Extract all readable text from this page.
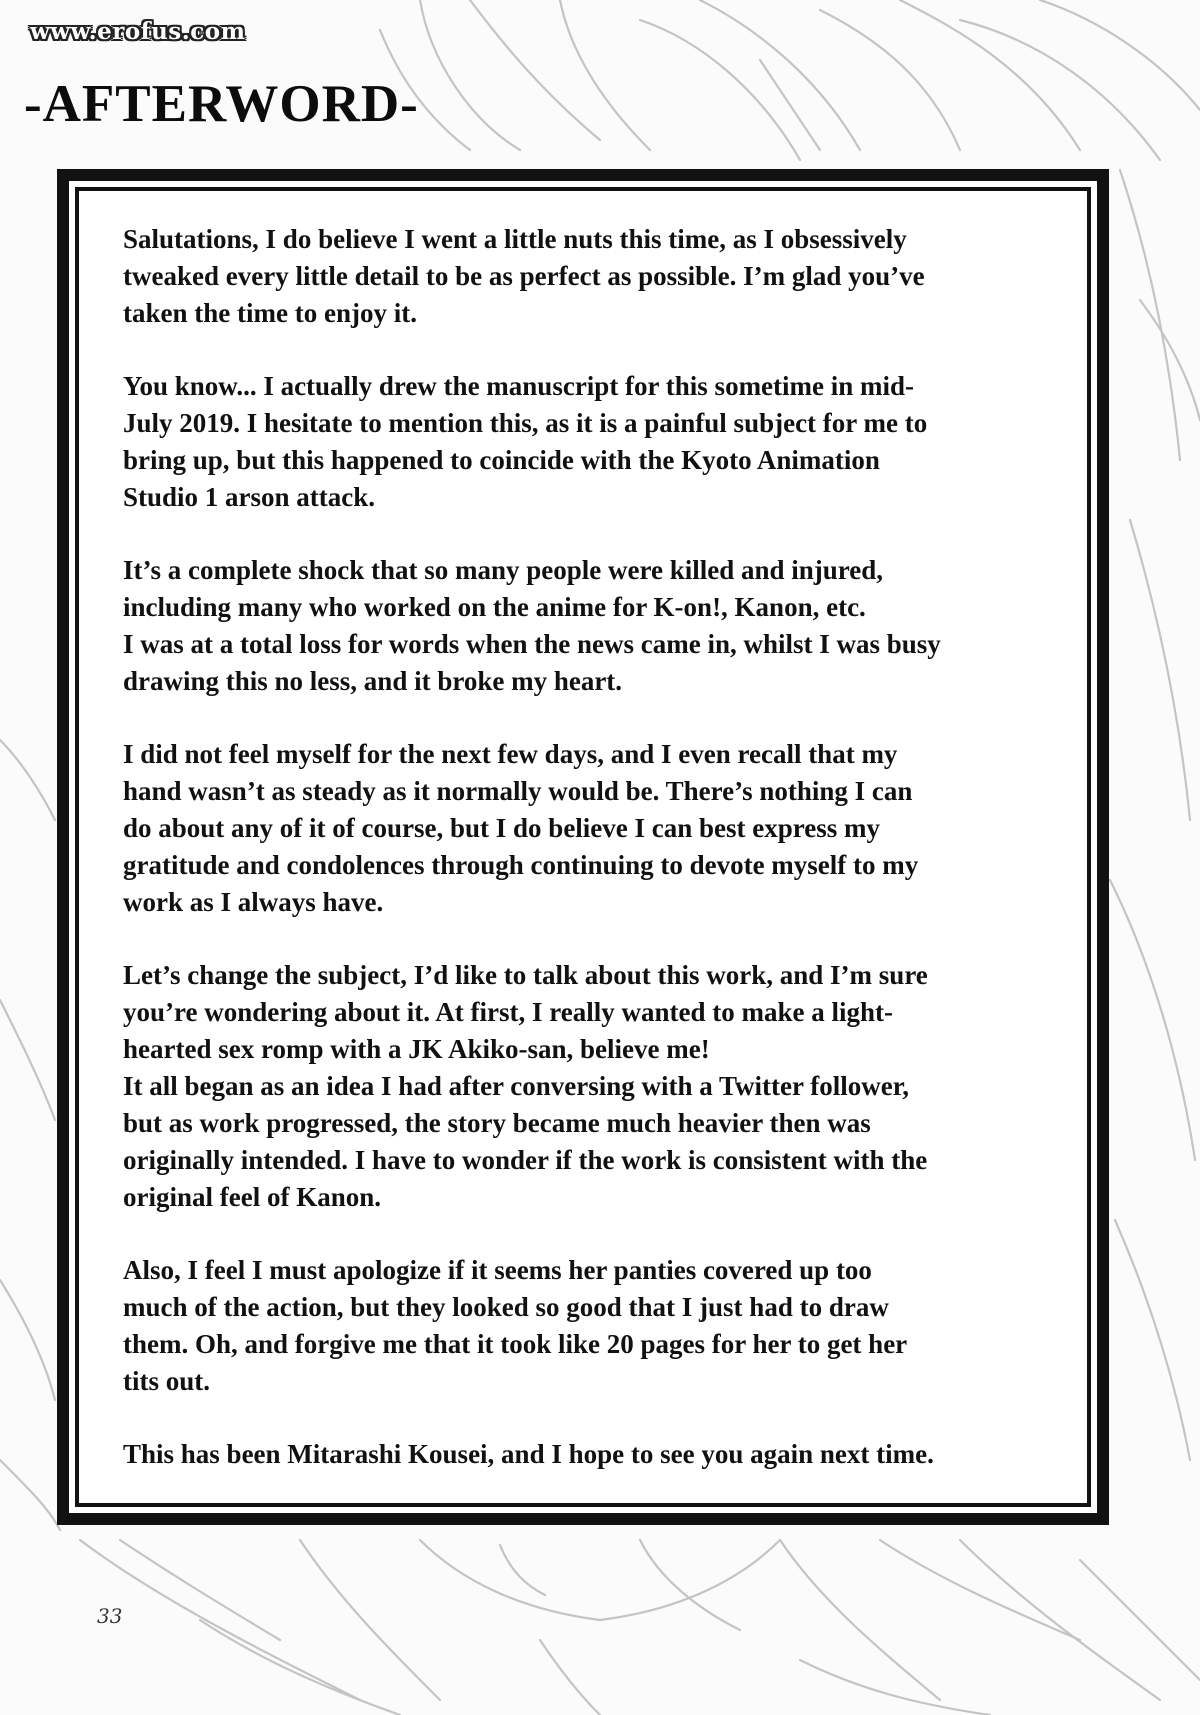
www.erofus.com
-AFTERWORD-

Salutations, I do believe I went a little nuts this time, as I obsessively
tweaked every little detail to be as perfect as possible. I’m glad you’ve
taken the time to enjoy it.

You know... I actually drew the manuscript for this sometime in mid-
July 2019. I hesitate to mention this, as it is a painful subject for me to
bring up, but this happened to coincide with the Kyoto Animation
Studio 1 arson attack.

It’s a complete shock that so many people were killed and injured,
including many who worked on the anime for K-on!, Kanon, etc.
I was at a total loss for words when the news came in, whilst I was busy
drawing this no less, and it broke my heart.

I did not feel myself for the next few days, and I even recall that my
hand wasn’t as steady as it normally would be. There’s nothing I can
do about any of it of course, but I do believe I can best express my
gratitude and condolences through continuing to devote myself to my
work as I always have.

Let’s change the subject, I’d like to talk about this work, and I’m sure
you’re wondering about it. At first, I really wanted to make a light-
hearted sex romp with a JK Akiko-san, believe me!
It all began as an idea I had after conversing with a Twitter follower,
but as work progressed, the story became much heavier then was
originally intended. I have to wonder if the work is consistent with the
original feel of Kanon.

Also, I feel I must apologize if it seems her panties covered up too
much of the action, but they looked so good that I just had to draw
them. Oh, and forgive me that it took like 20 pages for her to get her
tits out.

This has been Mitarashi Kousei, and I hope to see you again next time.

33
